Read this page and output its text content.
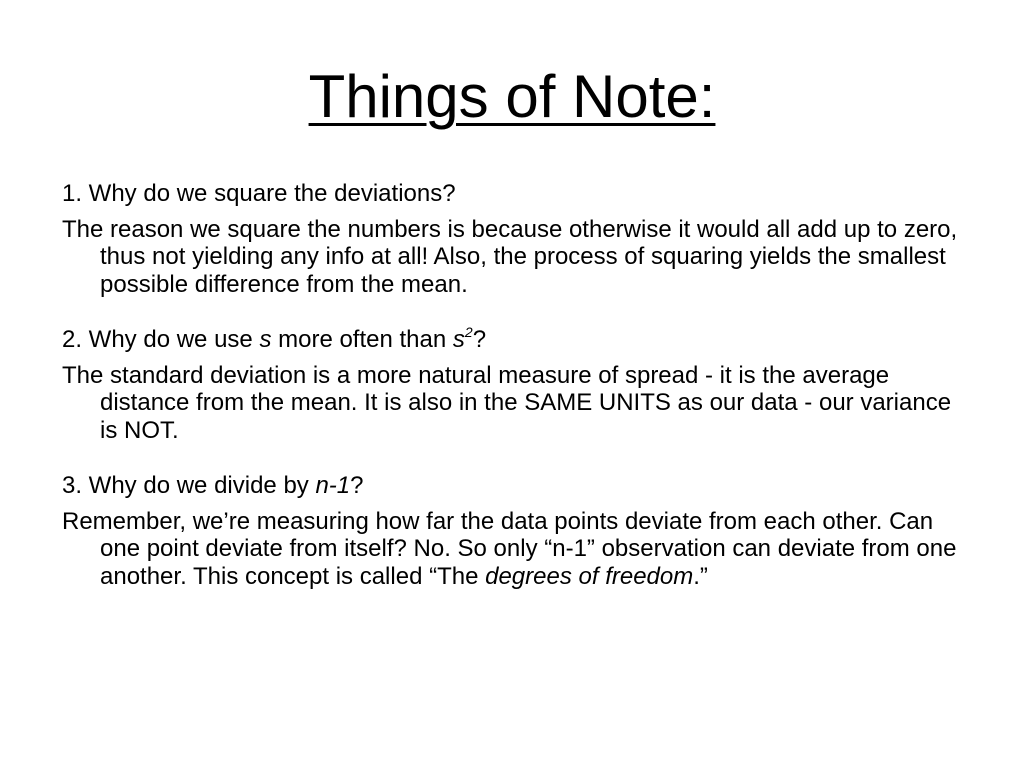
Things of Note:

1. Why do we square the deviations?

The reason we square the numbers is because otherwise it would all add up to zero, thus not yielding any info at all! Also, the process of squaring yields the smallest possible difference from the mean.

2. Why do we use s more often than $s^2$?

The standard deviation is a more natural measure of spread - it is the average distance from the mean. It is also in the SAME UNITS as our data - our variance is NOT.

3. Why do we divide by n-1?

Remember, we’re measuring how far the data points deviate from each other. Can one point deviate from itself? No. So only “n-1” observation can deviate from one another. This concept is called “The degrees of freedom.”
